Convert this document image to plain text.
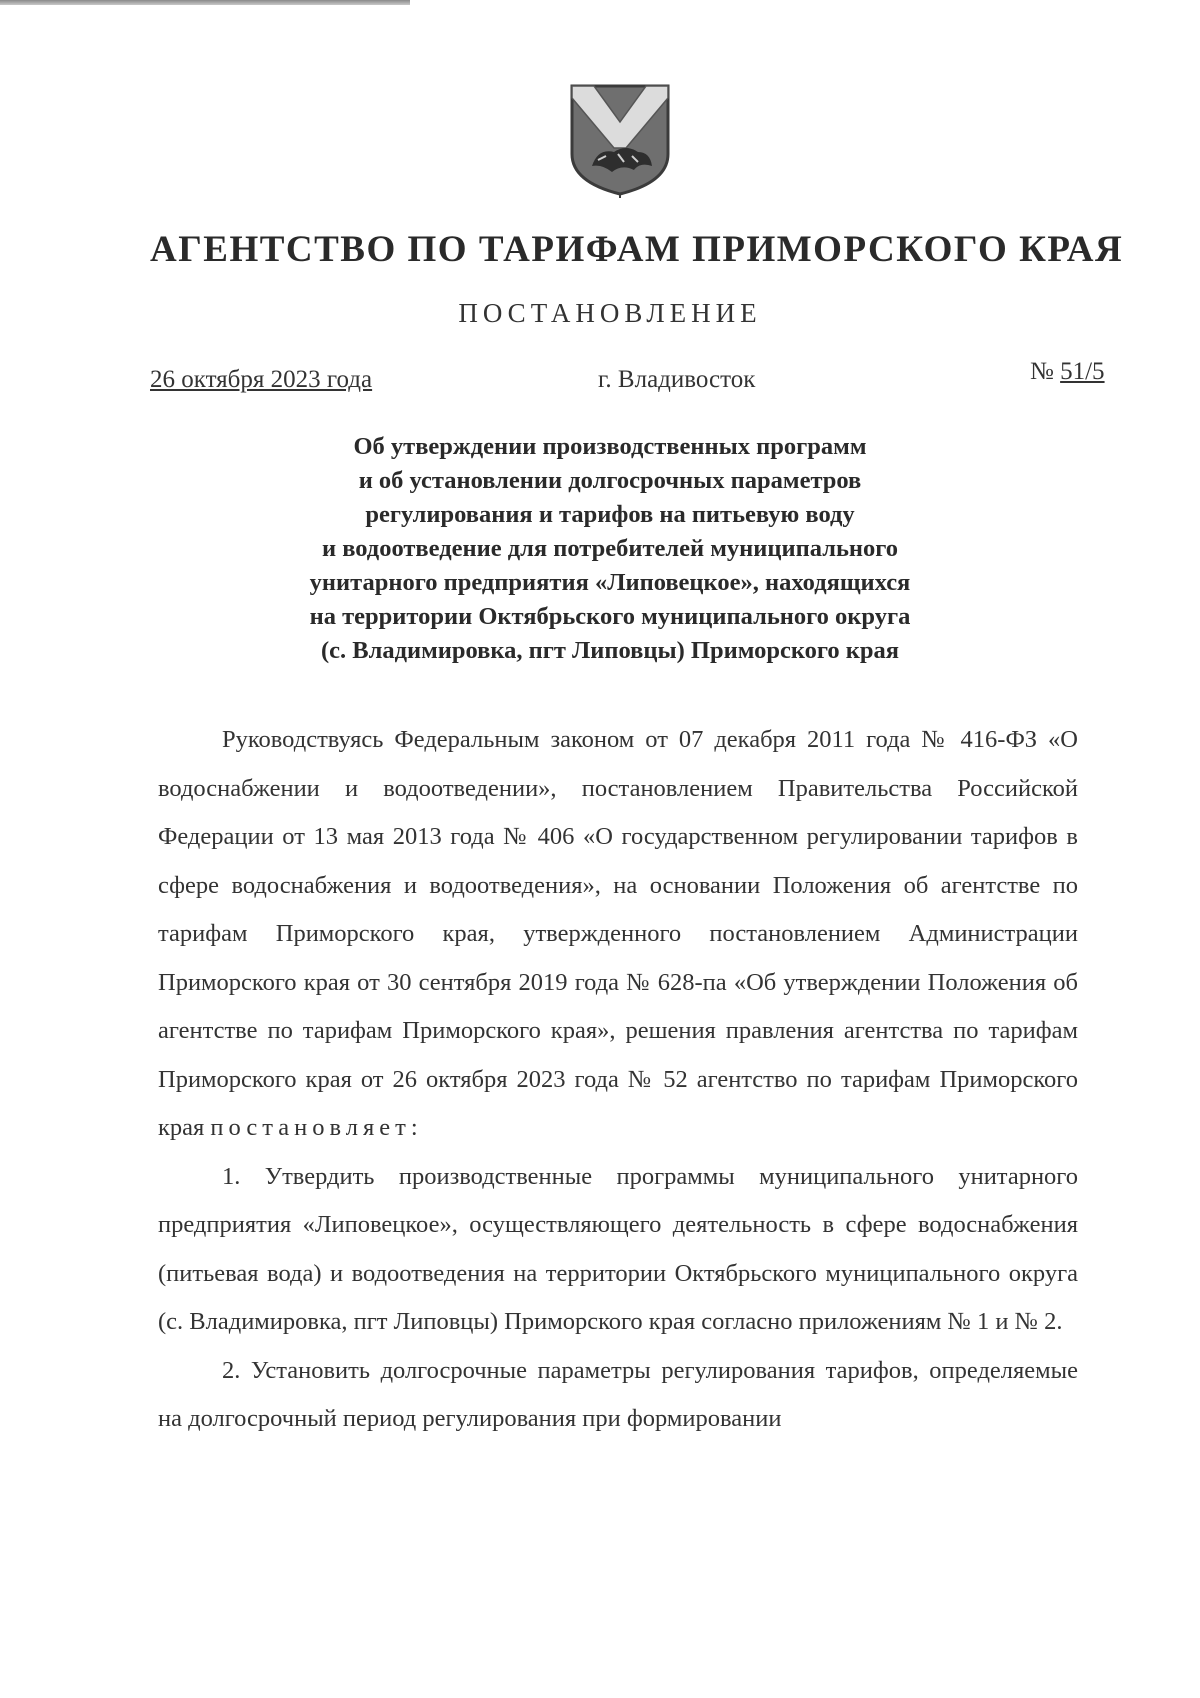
АГЕНТСТВО ПО ТАРИФАМ ПРИМОРСКОГО КРАЯ
ПОСТАНОВЛЕНИЕ
26 октября 2023 года	г. Владивосток	№ 51/5
Об утверждении производственных программ
и об установлении долгосрочных параметров
регулирования и тарифов на питьевую воду
и водоотведение для потребителей муниципального
унитарного предприятия «Липовецкое», находящихся
на территории Октябрьского муниципального округа
(с. Владимировка, пгт Липовцы) Приморского края

Руководствуясь Федеральным законом от 07 декабря 2011 года № 416-ФЗ «О водоснабжении и водоотведении», постановлением Правительства Российской Федерации от 13 мая 2013 года № 406 «О государственном регулировании тарифов в сфере водоснабжения и водоотведения», на основании Положения об агентстве по тарифам Приморского края, утвержденного постановлением Администрации Приморского края от 30 сентября 2019 года № 628-па «Об утверждении Положения об агентстве по тарифам Приморского края», решения правления агентства по тарифам Приморского края от 26 октября 2023 года № 52 агентство по тарифам Приморского края постановляет:

1. Утвердить производственные программы муниципального унитарного предприятия «Липовецкое», осуществляющего деятельность в сфере водоснабжения (питьевая вода) и водоотведения на территории Октябрьского муниципального округа (с. Владимировка, пгт Липовцы) Приморского края согласно приложениям № 1 и № 2.

2. Установить долгосрочные параметры регулирования тарифов, определяемые на долгосрочный период регулирования при формировании
